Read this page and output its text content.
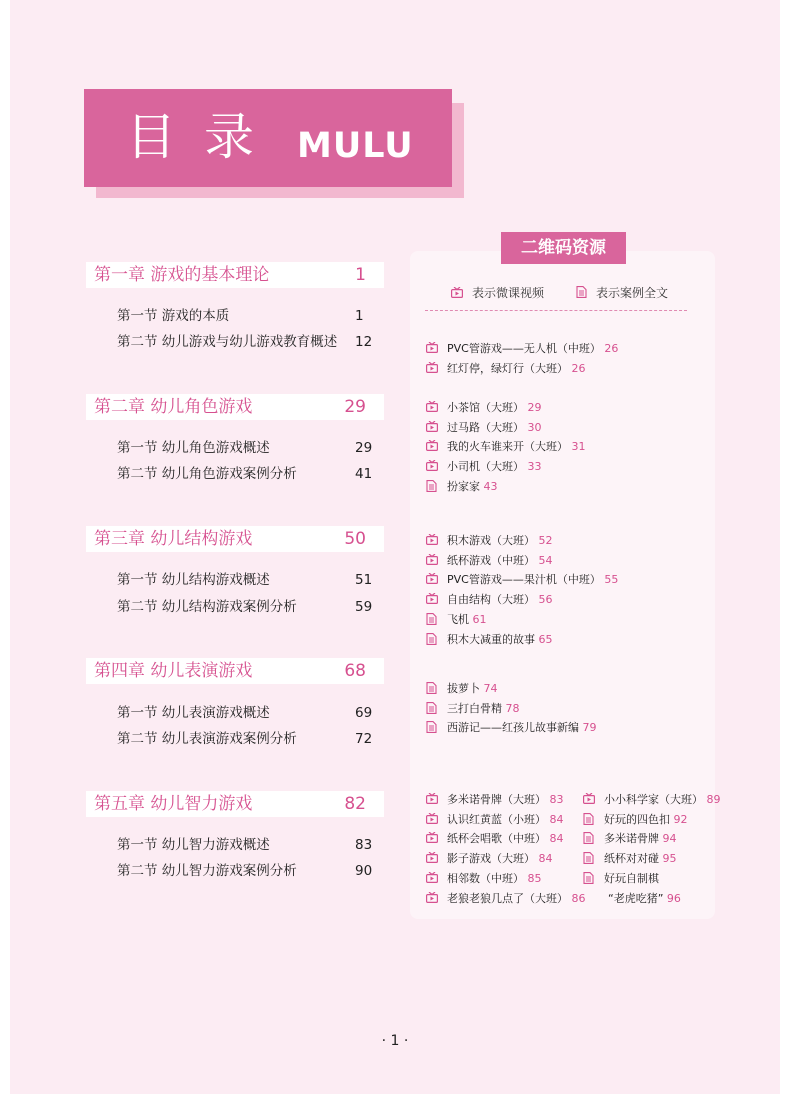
目录 MULU
第一章 游戏的基本理论	1
第一节 游戏的本质	1
第二节 幼儿游戏与幼儿游戏教育概述 12
第二章 幼儿角色游戏	29
第一节 幼儿角色游戏概述	29
第二节 幼儿角色游戏案例分析	41
第三章 幼儿结构游戏	50
第一节 幼儿结构游戏概述	51
第二节 幼儿结构游戏案例分析	59
第四章 幼儿表演游戏	68
第一节 幼儿表演游戏概述	69
第二节 幼儿表演游戏案例分析	72
第五章 幼儿智力游戏	82
第一节 幼儿智力游戏概述	83
第二节 幼儿智力游戏案例分析	90
二维码资源
表示微课视频	表示案例全文
PVC管游戏——无人机（中班） 26
红灯停，绿灯行（大班） 26
小茶馆（大班） 29
过马路（大班） 30
我的火车谁来开（大班） 31
小司机（大班） 33
扮家家 43
积木游戏（大班） 52
纸杯游戏（中班） 54
PVC管游戏——果汁机（中班） 55
自由结构（大班） 56
飞机 61
积木大减重的故事 65
拔萝卜 74
三打白骨精 78
西游记——红孩儿故事新编 79
多米诺骨牌（大班） 83
认识红黄蓝（小班） 84
纸杯会唱歌（中班） 84
影子游戏（大班） 84
相邻数（中班） 85
老狼老狼几点了（大班） 86
小小科学家（大班） 89
好玩的四色扣 92
多米诺骨牌 94
纸杯对对碰 95
好玩自制棋
“老虎吃猪” 96
· 1 ·
